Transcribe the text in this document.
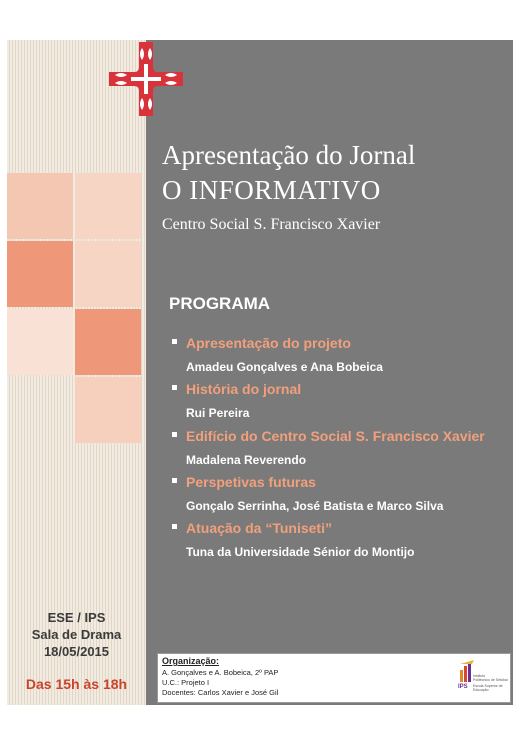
ESE / IPS
Sala de Drama
18/05/2015
Das 15h às 18h
Apresentação do Jornal
O INFORMATIVO
Centro Social S. Francisco Xavier
PROGRAMA
Apresentação do projeto
Amadeu Gonçalves e Ana Bobeica
História do jornal
Rui Pereira
Edifício do Centro Social S. Francisco Xavier
Madalena Reverendo
Perspetivas futuras
Gonçalo Serrinha, José Batista e Marco Silva
Atuação da “Tuniseti”
Tuna da Universidade Sénior do Montijo
Organização:
A. Gonçalves e A. Bobeica, 2º PAP
U.C.: Projeto I
Docentes: Carlos Xavier e José Gil
IPS
Instituto
Politécnico de Setúbal
Escola Superior de
Educação
